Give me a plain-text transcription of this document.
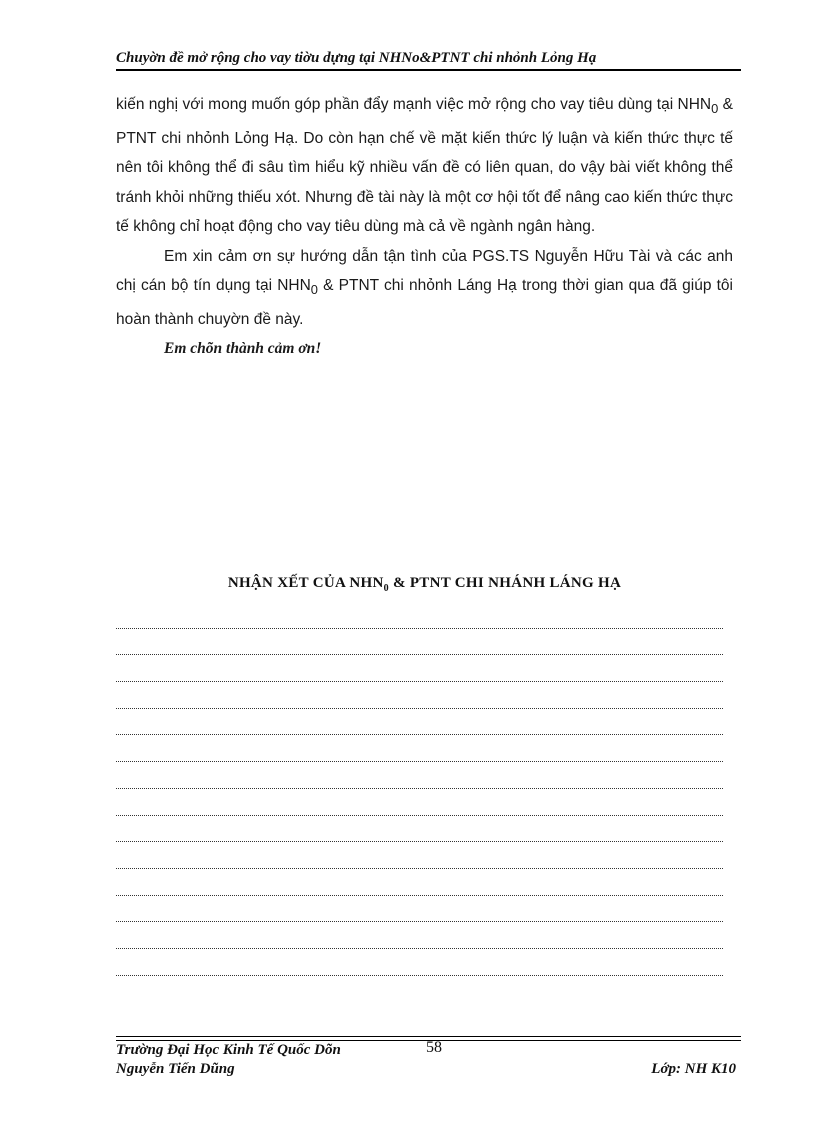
Chuyờn đề mở rộng cho vay tiờu dựng tại NHNo&PTNT chi nhỏnh Lỏng Hạ

kiến nghị với mong muốn góp phần đẩy mạnh việc mở rộng cho vay tiêu dùng tại $NHN_0$ & PTNT chi nhỏnh Lỏng Hạ. Do còn hạn chế về mặt kiến thức lý luận và kiến thức thực tế nên tôi không thể đi sâu tìm hiểu kỹ nhiều vấn đề có liên quan, do vậy bài viết không thể tránh khỏi những thiếu xót. Nhưng đề tài này là một cơ hội tốt để nâng cao kiến thức thực tế không chỉ hoạt động cho vay tiêu dùng mà cả về ngành ngân hàng.

Em xin cảm ơn sự hướng dẫn tận tình của PGS.TS Nguyễn Hữu Tài và các anh chị cán bộ tín dụng tại $NHN_0$ & PTNT chi nhỏnh Láng Hạ trong thời gian qua đã giúp tôi hoàn thành chuyờn đề này.

Em chõn thành cảm ơn!

NHẬN XẾT CỦA $NHN_0$ & PTNT CHI NHÁNH LÁNG HẠ
Trường Đại Học Kinh Tế Quốc Dõn	58
Nguyễn Tiến Dũng	Lớp: NH K10
